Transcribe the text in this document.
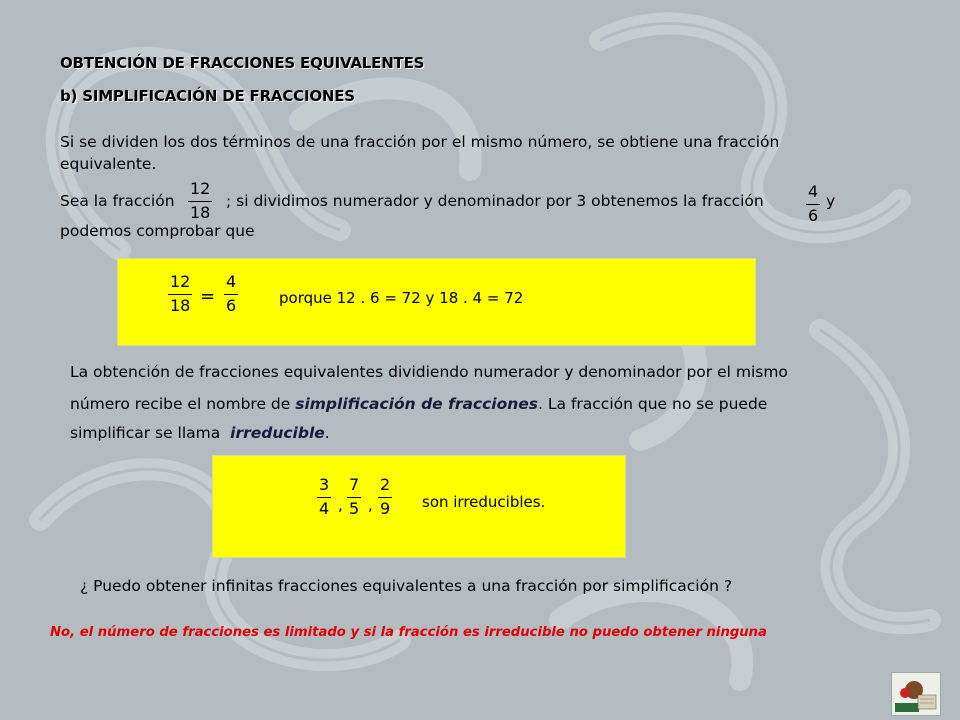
OBTENCIÓN DE FRACCIONES EQUIVALENTES
b) SIMPLIFICACIÓN DE FRACCIONES
Si se dividen los dos términos de una fracción por el mismo número, se obtiene una fracción
equivalente.
Sea la fracción
12
18
; si dividimos numerador y denominador por 3 obtenemos la fracción	4
6
y
podemos comprobar que
12
18 =
4
6	porque 12 . 6 = 72 y 18 . 4 = 72
La obtención de fracciones equivalentes dividiendo numerador y denominador por el mismo
número recibe el nombre de simplificación de fracciones. La fracción que no se puede
simplificar se llama  irreducible.
3
4 ,
7
5 ,
2
9 son irreducibles.
¿ Puedo obtener infinitas fracciones equivalentes a una fracción por simplificación ?
No, el número de fracciones es limitado y si la fracción es irreducible no puedo obtener ninguna
